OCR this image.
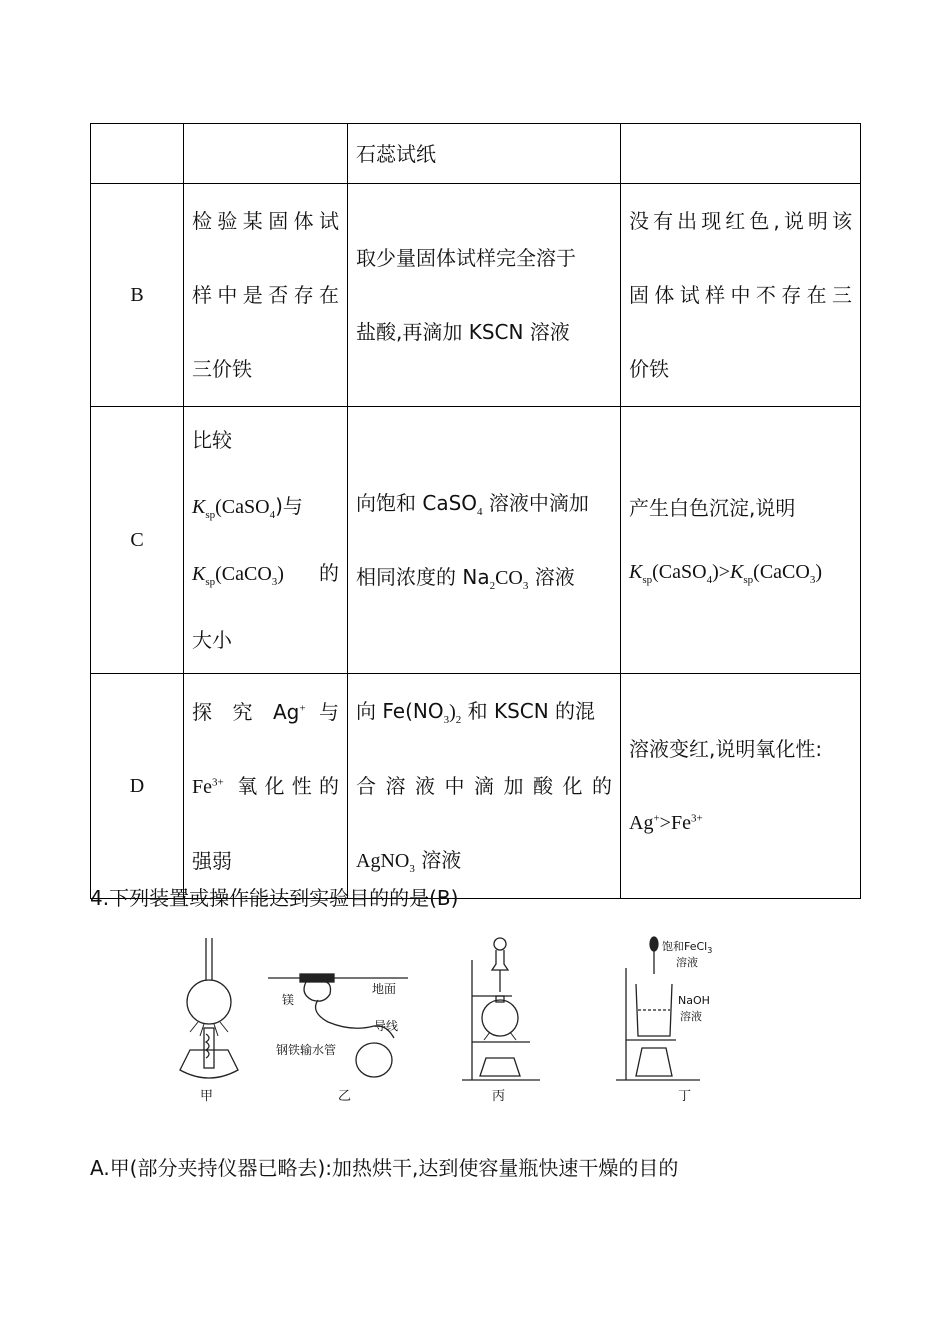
		石蕊试纸	
B	检验某固体试
样中是否存在
三价铁	取少量固体试样完全溶于
盐酸,再滴加 KSCN 溶液	没有出现红色,说明该
固体试样中不存在三
价铁

C	比较
$K_{sp}(CaSO_4)$与
$K_{sp}(CaCO_3)$ 的
大小	向饱和 CaSO$_4$ 溶液中滴加
相同浓度的 $Na_2CO_3$ 溶液	产生白色沉淀,说明
$K_{sp}(CaSO_4)>K_{sp}(CaCO_3)$

D	探 究 Ag+ 与
$Fe^{3+}$ 氧化性的
强弱	向 $Fe(NO_3)_2$ 和 KSCN 的混
合 溶 液 中 滴 加 酸 化 的
AgNO$_3$ 溶液	溶液变红,说明氧化性:
$Ag^+>Fe^{3+}$
4.下列装置或操作能达到实验目的的是(B)
甲
地面
镁
导线
钢铁输水管
乙	丙
饱和FeCl$_3$
溶液
NaOH
溶液
丁
A.甲(部分夹持仪器已略去):加热烘干,达到使容量瓶快速干燥的目的
